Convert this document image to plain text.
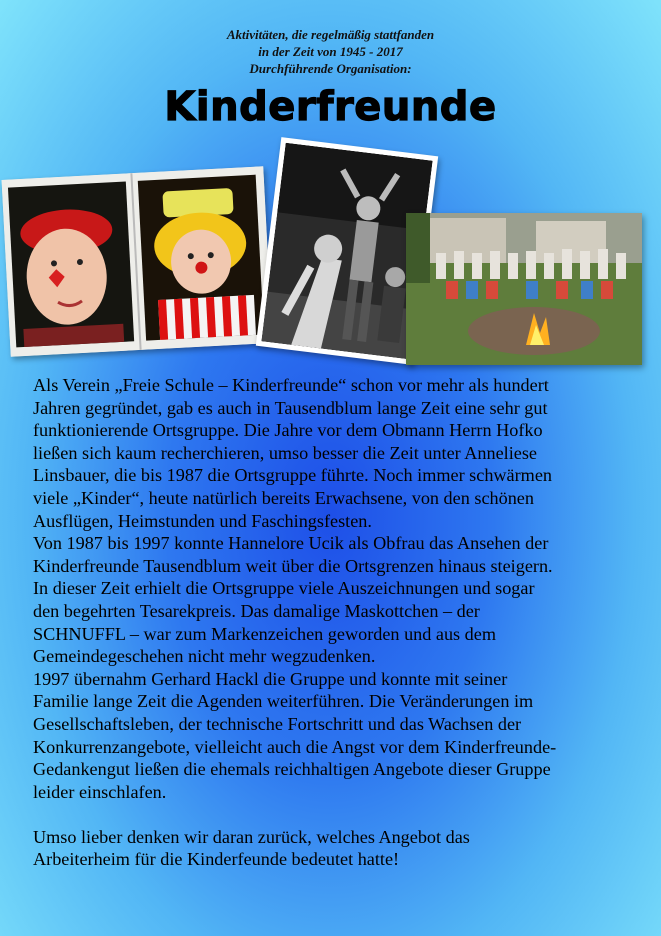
Aktivitäten, die regelmäßig stattfanden
in der Zeit von 1945 - 2017
Durchführende Organisation:
Kinderfreunde

Als Verein „Freie Schule – Kinderfreunde“ schon vor mehr als hundert

Jahren gegründet, gab es auch in Tausendblum lange Zeit eine sehr gut

funktionierende Ortsgruppe. Die Jahre vor dem Obmann Herrn Hofko

ließen sich kaum recherchieren, umso besser die Zeit unter Anneliese

Linsbauer, die bis 1987 die Ortsgruppe führte. Noch immer schwärmen

viele „Kinder“, heute natürlich bereits Erwachsene, von den schönen

Ausflügen, Heimstunden und Faschingsfesten.

Von 1987 bis 1997 konnte Hannelore Ucik als Obfrau das Ansehen der

Kinderfreunde Tausendblum weit über die Ortsgrenzen hinaus steigern.

In dieser Zeit erhielt die Ortsgruppe viele Auszeichnungen und sogar

den begehrten Tesarekpreis. Das damalige Maskottchen – der

SCHNUFFL – war zum Markenzeichen geworden und aus dem

Gemeindegeschehen nicht mehr wegzudenken.

1997 übernahm Gerhard Hackl die Gruppe und konnte mit seiner

Familie lange Zeit die Agenden weiterführen. Die Veränderungen im

Gesellschaftsleben, der technische Fortschritt und das Wachsen der

Konkurrenzangebote, vielleicht auch die Angst vor dem Kinderfreunde-

Gedankengut ließen die ehemals reichhaltigen Angebote dieser Gruppe

leider einschlafen.

Umso lieber denken wir daran zurück, welches Angebot das

Arbeiterheim für die Kinderfeunde bedeutet hatte!
